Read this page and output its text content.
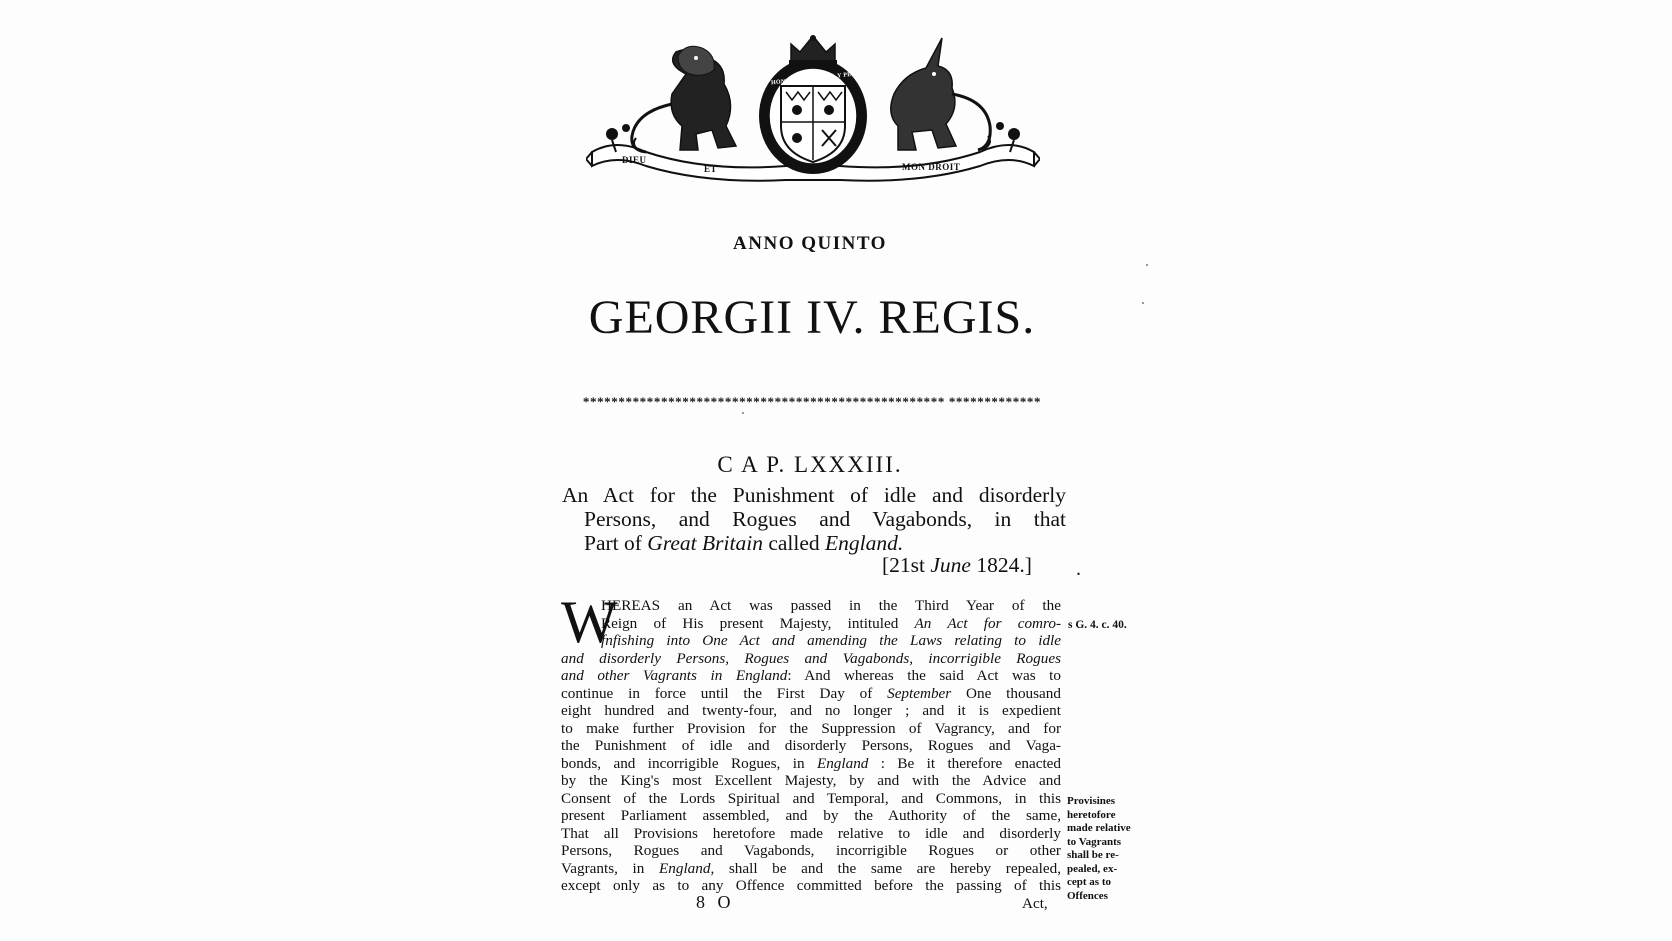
DIEU
ET	MON DROIT
HONI SOIT QUI MAL Y PENSE
ANNO QUINTO
GEORGII IV. REGIS.
*************************************************** *************
C A P. LXXXIII.
An Act for the Punishment of idle and disorderly
Persons, and Rogues and Vagabonds, in that
Part of Great Britain called England.
[21st June 1824.] .
W
HEREAS an Act was passed in the Third Year of the
Reign of His present Majesty, intituled An Act for comro-
fnfishing into One Act and amending the Laws relating to idle
and disorderly Persons, Rogues and Vagabonds, incorrigible Rogues
and other Vagrants in England: And whereas the said Act was to
continue in force until the First Day of September One thousand
eight hundred and twenty-four, and no longer ; and it is expedient
to make further Provision for the Suppression of Vagrancy, and for
the Punishment of idle and disorderly Persons, Rogues and Vaga-
bonds, and incorrigible Rogues, in England : Be it therefore enacted
by the King's most Excellent Majesty, by and with the Advice and
Consent of the Lords Spiritual and Temporal, and Commons, in this
present Parliament assembled, and by the Authority of the same,
That all Provisions heretofore made relative to idle and disorderly
Persons, Rogues and Vagabonds, incorrigible Rogues or other
Vagrants, in England, shall be and the same are hereby repealed,
except only as to any Offence committed before the passing of this
8 O	Act,
s G. 4. c. 40.
Provisines
heretofore
made relative
to Vagrants
shall be re-
pealed, ex-
cept as to
Offences
